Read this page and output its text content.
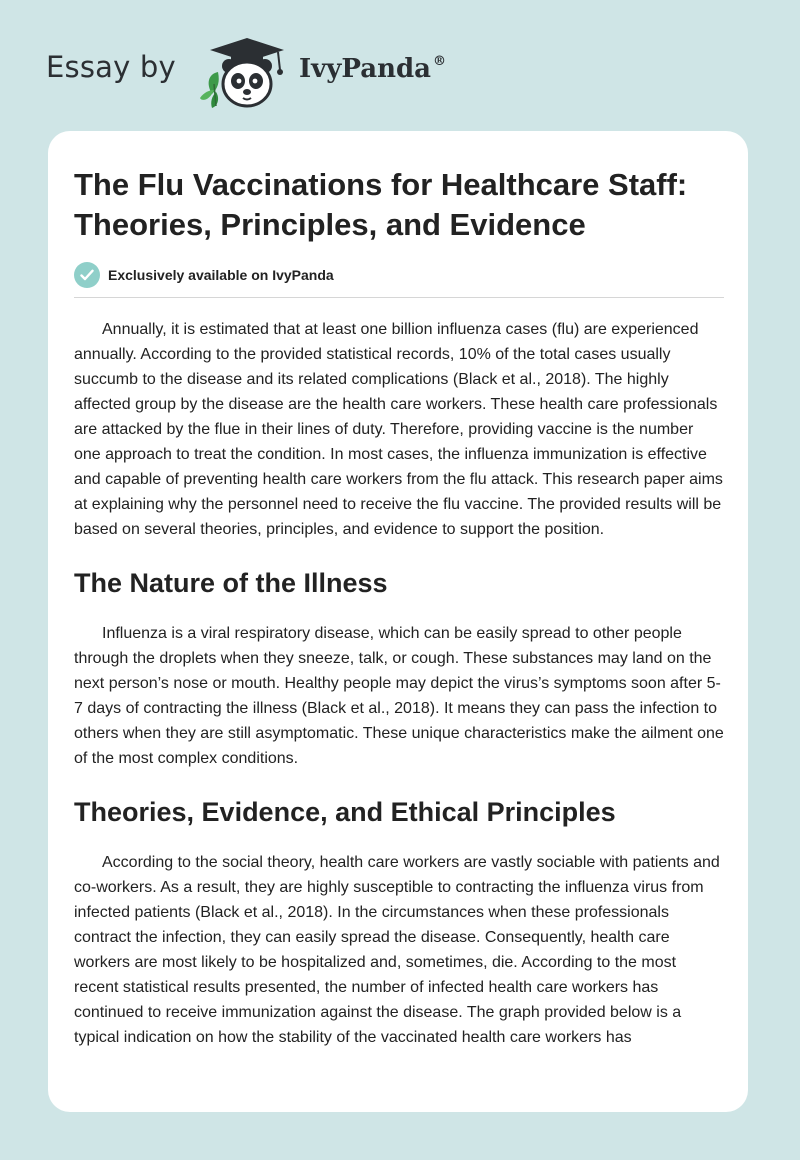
Essay by	IvyPanda ®
The Flu Vaccinations for Healthcare Staff: Theories, Principles, and Evidence
Exclusively available on IvyPanda

Annually, it is estimated that at least one billion influenza cases (flu) are experienced annually. According to the provided statistical records, 10% of the total cases usually succumb to the disease and its related complications (Black et al., 2018). The highly affected group by the disease are the health care workers. These health care professionals are attacked by the flue in their lines of duty. Therefore, providing vaccine is the number one approach to treat the condition. In most cases, the influenza immunization is effective and capable of preventing health care workers from the flu attack. This research paper aims at explaining why the personnel need to receive the flu vaccine. The provided results will be based on several theories, principles, and evidence to support the position.

The Nature of the Illness

Influenza is a viral respiratory disease, which can be easily spread to other people through the droplets when they sneeze, talk, or cough. These substances may land on the next person’s nose or mouth. Healthy people may depict the virus’s symptoms soon after 5-7 days of contracting the illness (Black et al., 2018). It means they can pass the infection to others when they are still asymptomatic. These unique characteristics make the ailment one of the most complex conditions.

Theories, Evidence, and Ethical Principles

According to the social theory, health care workers are vastly sociable with patients and co-workers. As a result, they are highly susceptible to contracting the influenza virus from infected patients (Black et al., 2018). In the circumstances when these professionals contract the infection, they can easily spread the disease. Consequently, health care workers are most likely to be hospitalized and, sometimes, die. According to the most recent statistical results presented, the number of infected health care workers has continued to receive immunization against the disease. The graph provided below is a typical indication on how the stability of the vaccinated health care workers has
